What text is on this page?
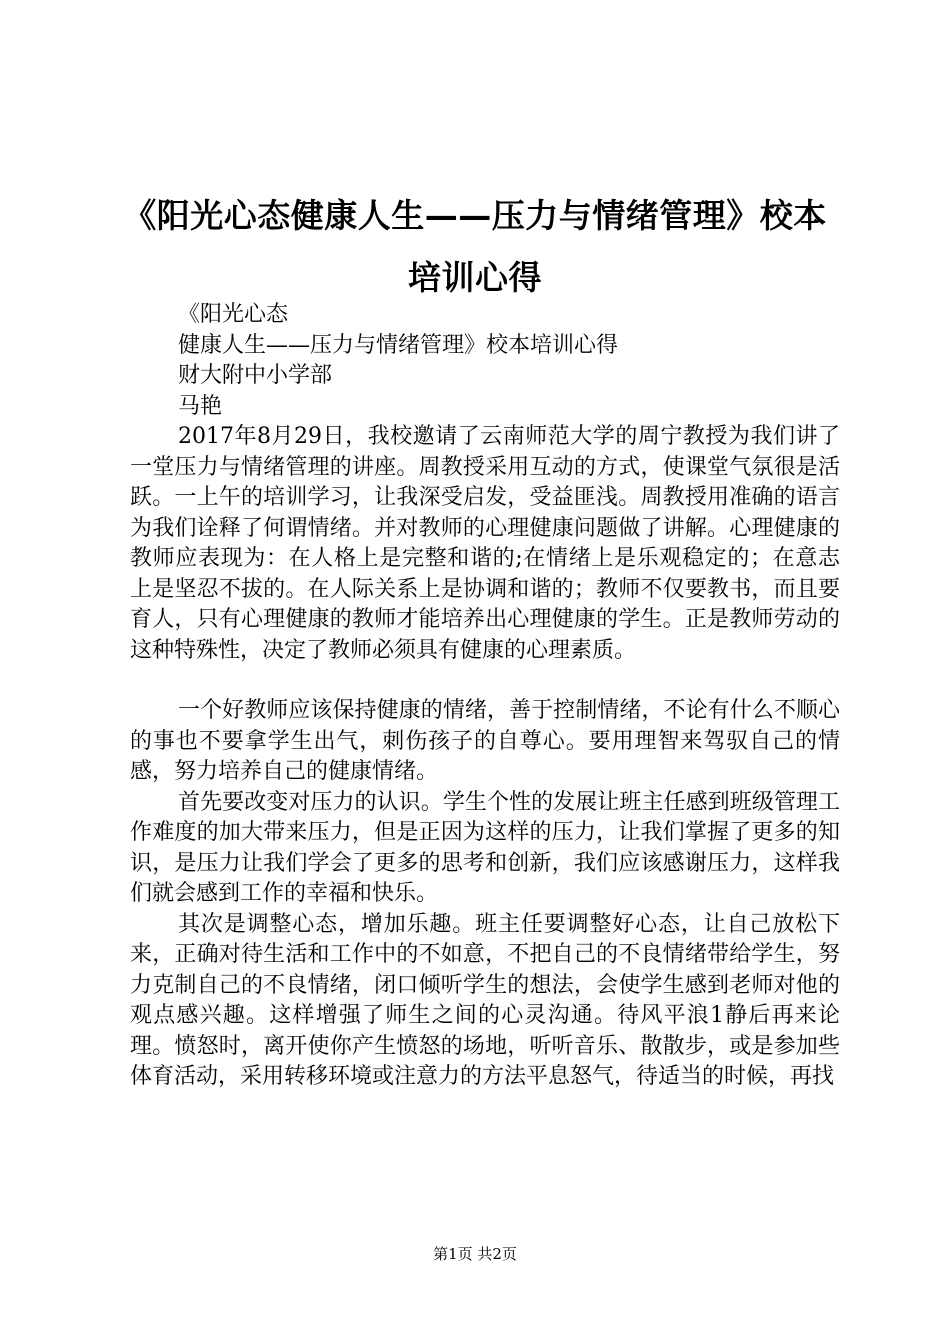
《阳光心态健康人生——压力与情绪管理》校本培训心得
《阳光心态
健康人生——压力与情绪管理》校本培训心得
财大附中小学部
马艳
2017年8月29日，我校邀请了云南师范大学的周宁教授为我们讲了一堂压力与情绪管理的讲座。周教授采用互动的方式，使课堂气氛很是活跃。一上午的培训学习，让我深受启发，受益匪浅。周教授用准确的语言为我们诠释了何谓情绪。并对教师的心理健康问题做了讲解。心理健康的教师应表现为：在人格上是完整和谐的;在情绪上是乐观稳定的；在意志上是坚忍不拔的。在人际关系上是协调和谐的；教师不仅要教书，而且要育人，只有心理健康的教师才能培养出心理健康的学生。正是教师劳动的这种特殊性，决定了教师必须具有健康的心理素质。
一个好教师应该保持健康的情绪，善于控制情绪，不论有什么不顺心的事也不要拿学生出气，刺伤孩子的自尊心。要用理智来驾驭自己的情感，努力培养自己的健康情绪。
首先要改变对压力的认识。学生个性的发展让班主任感到班级管理工作难度的加大带来压力，但是正因为这样的压力，让我们掌握了更多的知识，是压力让我们学会了更多的思考和创新，我们应该感谢压力，这样我们就会感到工作的幸福和快乐。
其次是调整心态，增加乐趣。班主任要调整好心态，让自己放松下来，正确对待生活和工作中的不如意，不把自己的不良情绪带给学生，努力克制自己的不良情绪，闭口倾听学生的想法，会使学生感到老师对他的观点感兴趣。这样增强了师生之间的心灵沟通。待风平浪1静后再来论理。愤怒时，离开使你产生愤怒的场地，听听音乐、散散步，或是参加些体育活动，采用转移环境或注意力的方法平息怒气，待适当的时候，再找
第1页 共2页
